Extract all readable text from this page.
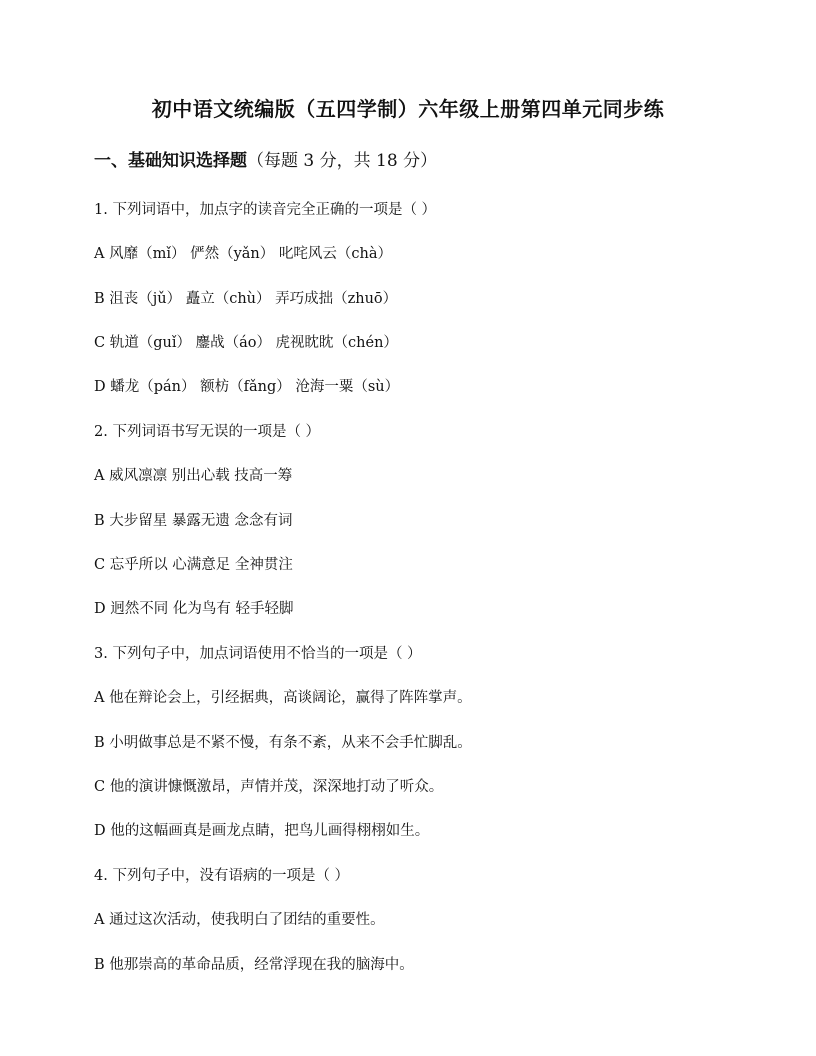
初中语文统编版（五四学制）六年级上册第四单元同步练
一、基础知识选择题（每题 3 分，共 18 分）
1. 下列词语中，加点字的读音完全正确的一项是（ ）
A 风靡（mǐ） 俨然（yǎn） 叱咤风云（chà）
B 沮丧（jǔ） 矗立（chù） 弄巧成拙（zhuō）
C 轨道（guǐ） 鏖战（áo） 虎视眈眈（chén）
D 蟠龙（pán） 额枋（fǎng） 沧海一粟（sù）
2. 下列词语书写无误的一项是（ ）
A 威风凛凛 别出心载 技高一筹
B 大步留星 暴露无遗 念念有词
C 忘乎所以 心满意足 全神贯注
D 迥然不同 化为鸟有 轻手轻脚
3. 下列句子中，加点词语使用不恰当的一项是（ ）
A 他在辩论会上，引经据典，高谈阔论，赢得了阵阵掌声。
B 小明做事总是不紧不慢，有条不紊，从来不会手忙脚乱。
C 他的演讲慷慨激昂，声情并茂，深深地打动了听众。
D 他的这幅画真是画龙点睛，把鸟儿画得栩栩如生。
4. 下列句子中，没有语病的一项是（ ）
A 通过这次活动，使我明白了团结的重要性。
B 他那崇高的革命品质，经常浮现在我的脑海中。
